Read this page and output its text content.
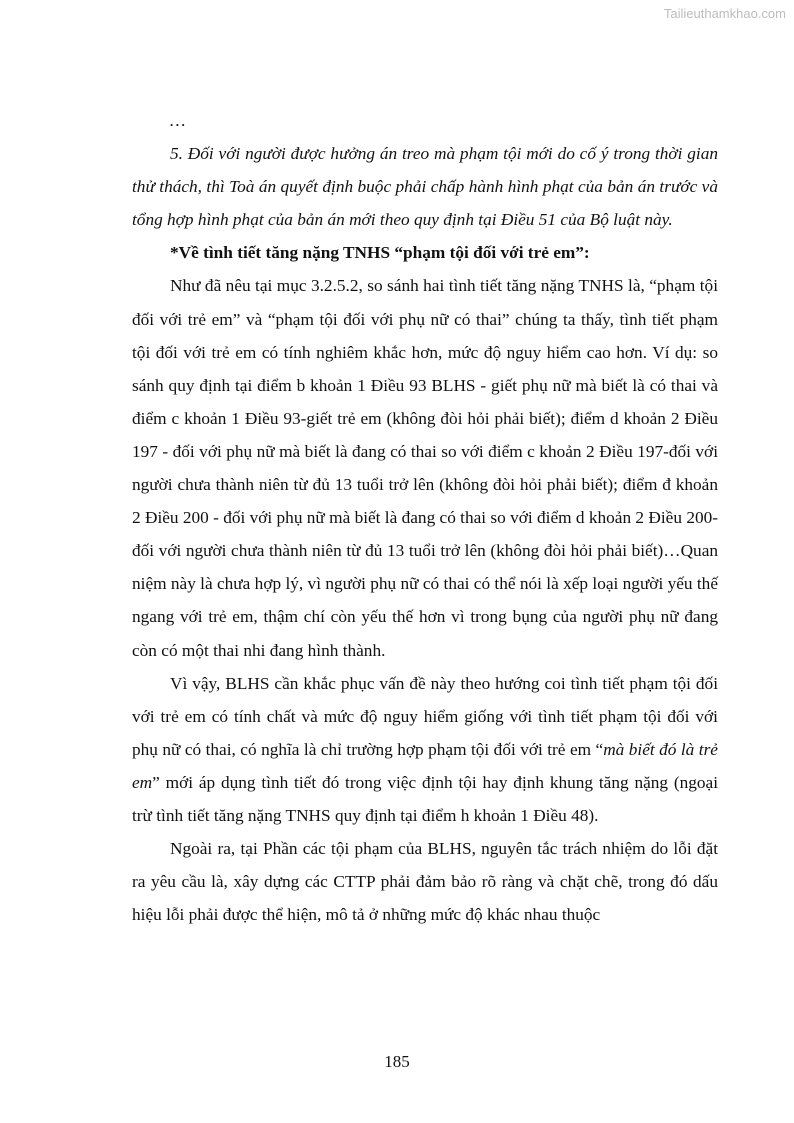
Tailieuthamkhao.com

…

5. Đối với người được hưởng án treo mà phạm tội mới do cố ý trong thời gian thử thách, thì Toà án quyết định buộc phải chấp hành hình phạt của bản án trước và tổng hợp hình phạt của bản án mới theo quy định tại Điều 51 của Bộ luật này.

*Về tình tiết tăng nặng TNHS “phạm tội đối với trẻ em”:

Như đã nêu tại mục 3.2.5.2, so sánh hai tình tiết tăng nặng TNHS là, “phạm tội đối với trẻ em” và “phạm tội đối với phụ nữ có thai” chúng ta thấy, tình tiết phạm tội đối với trẻ em có tính nghiêm khắc hơn, mức độ nguy hiểm cao hơn. Ví dụ: so sánh quy định tại điểm b khoản 1 Điều 93 BLHS - giết phụ nữ mà biết là có thai và điểm c khoản 1 Điều 93-giết trẻ em (không đòi hỏi phải biết); điểm d khoản 2 Điều 197 - đối với phụ nữ mà biết là đang có thai so với điểm c khoản 2 Điều 197-đối với người chưa thành niên từ đủ 13 tuổi trở lên (không đòi hỏi phải biết); điểm đ khoản 2 Điều 200 - đối với phụ nữ mà biết là đang có thai so với điểm d khoản 2 Điều 200- đối với người chưa thành niên từ đủ 13 tuổi trở lên (không đòi hỏi phải biết)…Quan niệm này là chưa hợp lý, vì người phụ nữ có thai có thể nói là xếp loại người yếu thế ngang với trẻ em, thậm chí còn yếu thế hơn vì trong bụng của người phụ nữ đang còn có một thai nhi đang hình thành.

Vì vậy, BLHS cần khắc phục vấn đề này theo hướng coi tình tiết phạm tội đối với trẻ em có tính chất và mức độ nguy hiểm giống với tình tiết phạm tội đối với phụ nữ có thai, có nghĩa là chỉ trường hợp phạm tội đối với trẻ em “mà biết đó là trẻ em” mới áp dụng tình tiết đó trong việc định tội hay định khung tăng nặng (ngoại trừ tình tiết tăng nặng TNHS quy định tại điểm h khoản 1 Điều 48).

Ngoài ra, tại Phần các tội phạm của BLHS, nguyên tắc trách nhiệm do lỗi đặt ra yêu cầu là, xây dựng các CTTP phải đảm bảo rõ ràng và chặt chẽ, trong đó dấu hiệu lỗi phải được thể hiện, mô tả ở những mức độ khác nhau thuộc

185
